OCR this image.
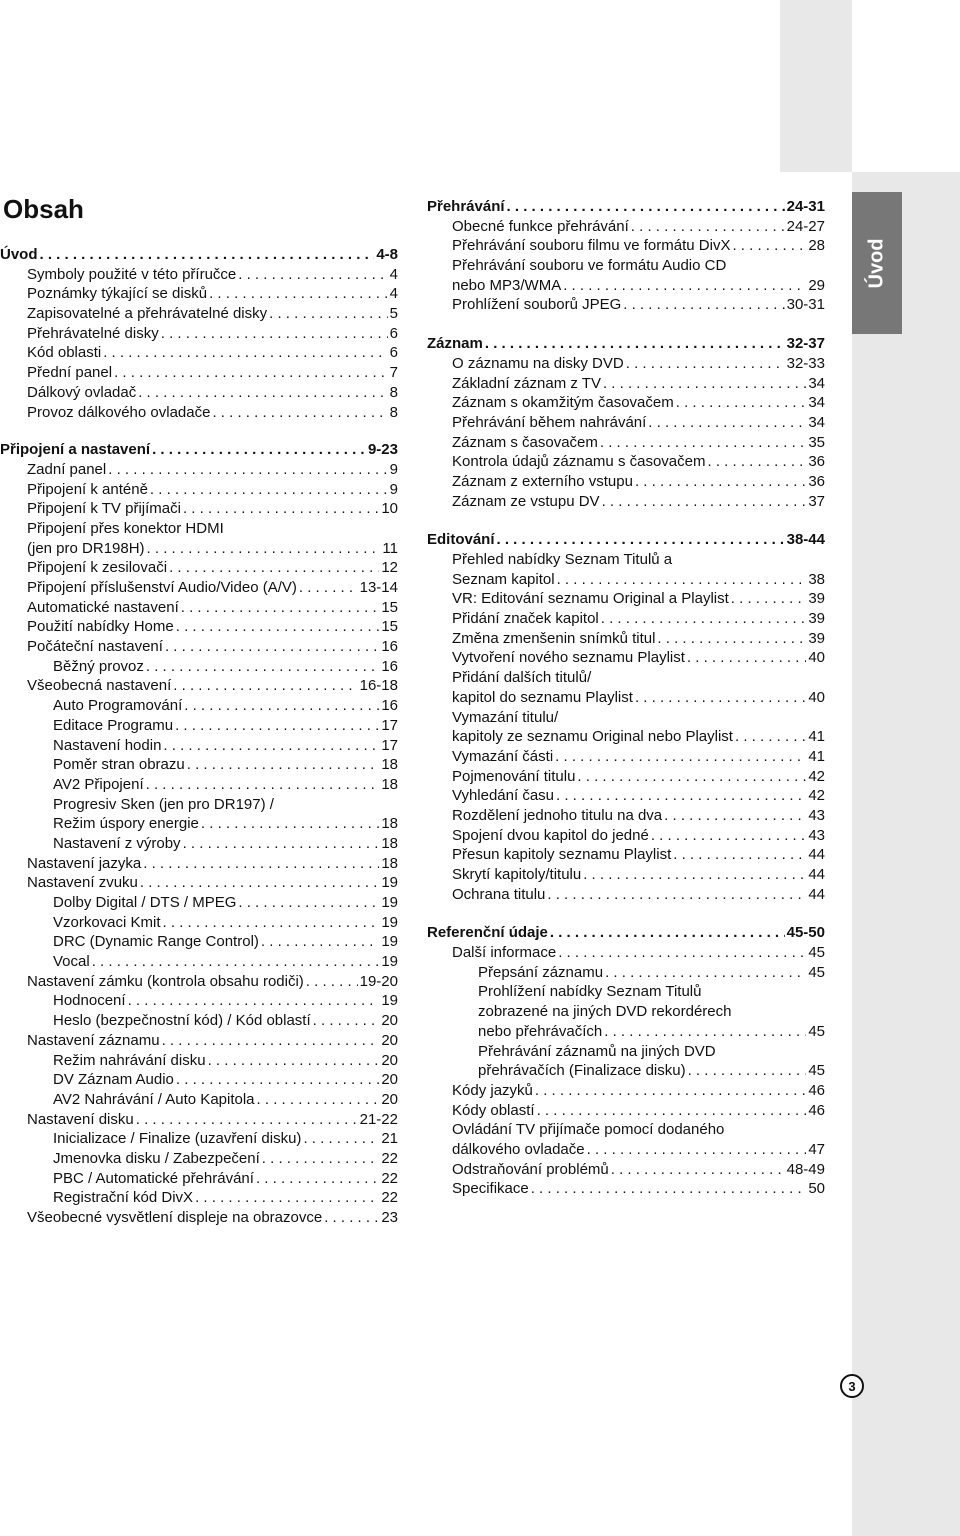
Úvod
Obsah
Úvod . . .	4-8
Symboly použité v této příručce . . .	4
Poznámky týkající se disků . . .	4
Zapisovatelné a přehrávatelné disky . . .	5
Přehrávatelné disky . . .	6
Kód oblasti . . .	6
Přední panel . . .	7
Dálkový ovladač . . .	8
Provoz dálkového ovladače . . .	8
Připojení a nastavení . . .	9-23
Zadní panel . . .	9
Připojení k anténě . . .	9
Připojení k TV přijímači . . .	10
Připojení přes konektor HDMI
(jen pro DR198H) . . .	11
Připojení k zesilovači . . .	12
Připojení příslušenství Audio/Video (A/V) . . .	13-14
Automatické nastavení . . .	15
Použití nabídky Home . . .	15
Počáteční nastavení . . .	16
Běžný provoz . . .	16
Všeobecná nastavení . . .	16-18
Auto Programování . . .	16
Editace Programu . . .	17
Nastavení hodin . . .	17
Poměr stran obrazu . . .	18
AV2 Připojení . . .	18
Progresiv Sken (jen pro DR197) /
Režim úspory energie . . .	18
Nastavení z výroby . . .	18
Nastavení jazyka . . .	18
Nastavení zvuku . . .	19
Dolby Digital / DTS / MPEG . . .	19
Vzorkovaci Kmit . . .	19
DRC (Dynamic Range Control) . . .	19
Vocal . . .	19
Nastavení zámku (kontrola obsahu rodiči) . . .	19-20
Hodnocení . . .	19
Heslo (bezpečnostní kód) / Kód oblastí . . .	20
Nastavení záznamu . . .	20
Režim nahrávání disku . . .	20
DV Záznam Audio . . .	20
AV2 Nahrávání / Auto Kapitola . . .	20
Nastavení disku . . .	21-22
Inicializace / Finalize (uzavření disku) . . .	21
Jmenovka disku / Zabezpečení . . .	22
PBC / Automatické přehrávání . . .	22
Registrační kód DivX . . .	22
Všeobecné vysvětlení displeje na obrazovce . . .	23
Přehrávání . . .	24-31
Obecné funkce přehrávání . . .	24-27
Přehrávání souboru filmu ve formátu DivX . . .	28
Přehrávání souboru ve formátu Audio CD
nebo MP3/WMA . . .	29
Prohlížení souborů JPEG . . .	30-31
Záznam . . .	32-37
O záznamu na disky DVD . . .	32-33
Základní záznam z TV . . .	34
Záznam s okamžitým časovačem . . .	34
Přehrávání během nahrávání . . .	34
Záznam s časovačem . . .	35
Kontrola údajů záznamu s časovačem . . .	36
Záznam z externího vstupu . . .	36
Záznam ze vstupu DV . . .	37
Editování . . .	38-44
Přehled nabídky Seznam Titulů a
Seznam kapitol . . .	38
VR: Editování seznamu Original a Playlist . . .	39
Přidání značek kapitol . . .	39
Změna zmenšenin snímků titul . . .	39
Vytvoření nového seznamu Playlist . . .	40
Přidání dalších titulů/
kapitol do seznamu Playlist . . .	40
Vymazání titulu/
kapitoly ze seznamu Original nebo Playlist . . .	41
Vymazání části . . .	41
Pojmenování titulu . . .	42
Vyhledání času . . .	42
Rozdělení jednoho titulu na dva . . .	43
Spojení dvou kapitol do jedné . . .	43
Přesun kapitoly seznamu Playlist . . .	44
Skrytí kapitoly/titulu . . .	44
Ochrana titulu . . .	44
Referenční údaje . . .	45-50
Další informace . . .	45
Přepsání záznamu . . .	45
Prohlížení nabídky Seznam Titulů
zobrazené na jiných DVD rekordérech
nebo přehrávačích . . .	45
Přehrávání záznamů na jiných DVD
přehrávačích (Finalizace disku) . . .	45
Kódy jazyků . . .	46
Kódy oblastí . . .	46
Ovládání TV přijímače pomocí dodaného
dálkového ovladače . . .	47
Odstraňování problémů . . .	48-49
Specifikace . . .	50
3
